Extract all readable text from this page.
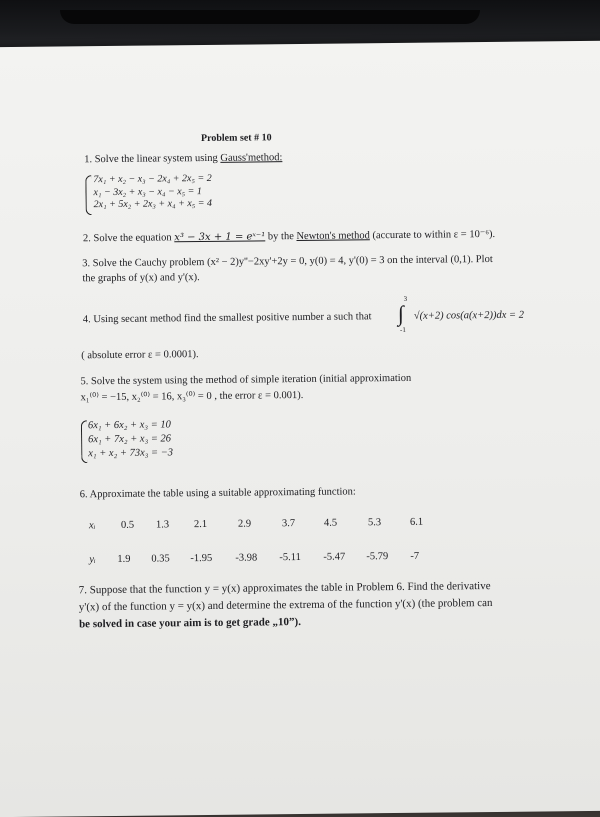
Problem set # 10
1. Solve the linear system using Gauss'method:
7x₁ + x₂ − x₃ − 2x₄ + 2x₅ = 2
x₁ − 3x₂ + x₃ − x₄ − x₅ = 1
2x₁ + 5x₂ + 2x₃ + x₄ + x₅ = 4
2. Solve the equation x³ − 3x + 1 = eˣ⁻¹ by the Newton's method (accurate to within ε = 10⁻⁶).
3. Solve the Cauchy problem (x² − 2)y''−2xy'+2y = 0, y(0) = 4, y'(0) = 3 on the interval (0,1). Plot
the graphs of y(x) and y'(x).
4. Using secant method find the smallest positive number a such that
3
∫
-1
√(x+2) cos(a(x+2))dx = 2
( absolute error ε = 0.0001).
5. Solve the system using the method of simple iteration (initial approximation
x₁⁽⁰⁾ = −15, x₂⁽⁰⁾ = 16, x₃⁽⁰⁾ = 0 , the error ε = 0.001).
6x₁ + 6x₂ + x₃ = 10
6x₁ + 7x₂ + x₃ = 26
x₁ + x₂ + 73x₃ = −3
6. Approximate the table using a suitable approximating function:
xᵢ 0.5 1.3 2.1	2.9	3.7	4.5	5.3	6.1
yᵢ 1.9 0.35 -1.95 -3.98 -5.11 -5.47 -5.79 -7
7. Suppose that the function y = y(x) approximates the table in Problem 6. Find the derivative
y'(x) of the function y = y(x) and determine the extrema of the function y'(x) (the problem can
be solved in case your aim is to get grade „10”).
